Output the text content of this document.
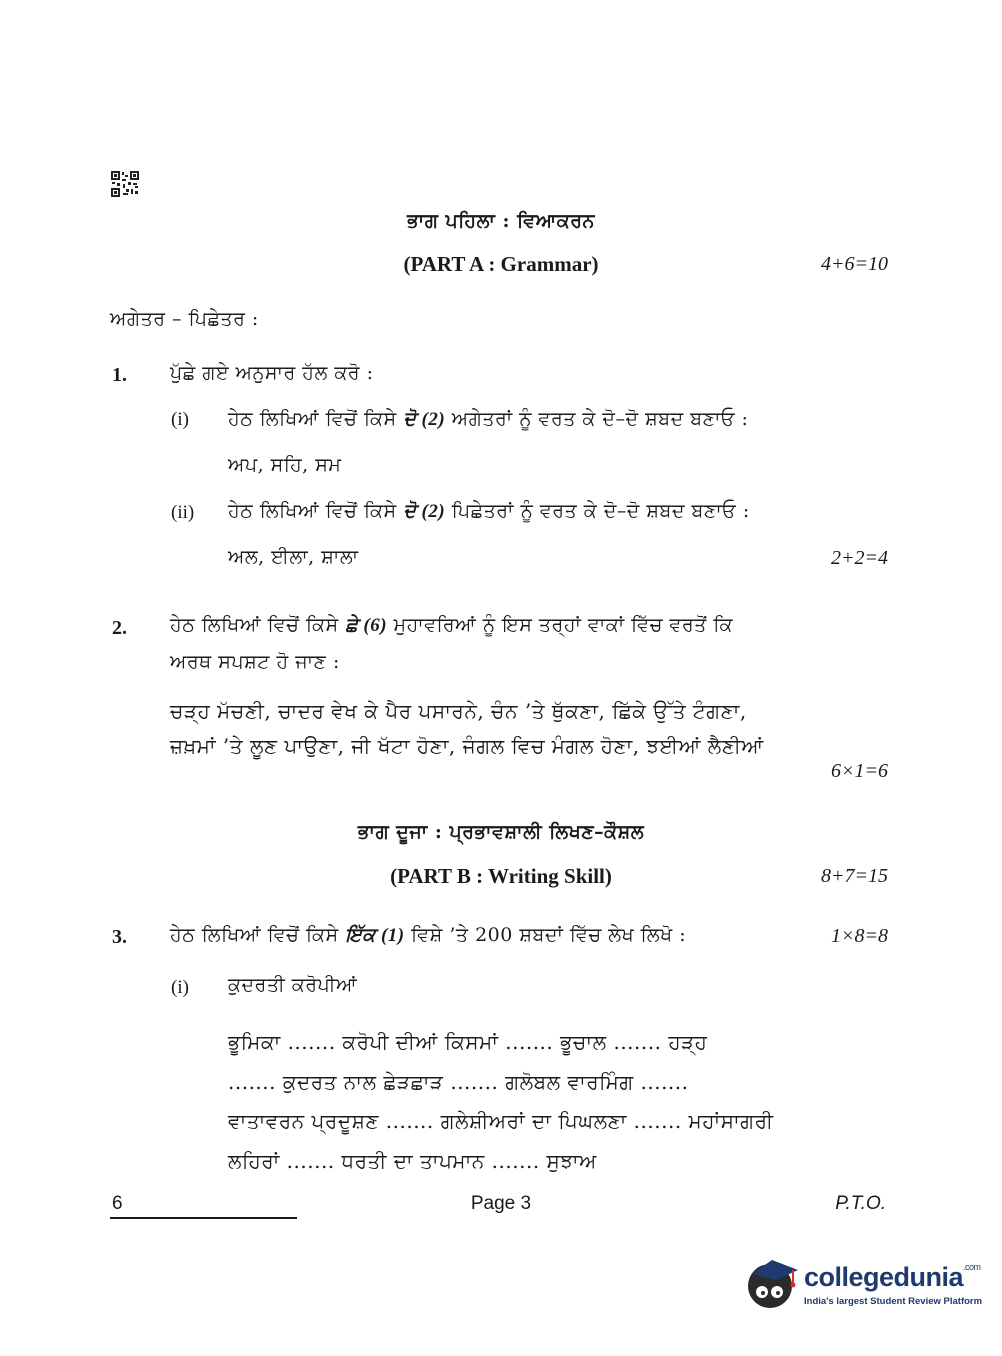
ਭਾਗ ਪਹਿਲਾ : ਵਿਆਕਰਨ
(PART A : Grammar)	4+6=10
ਅਗੇਤਰ – ਪਿਛੇਤਰ :
1. ਪੁੱਛੇ ਗਏ ਅਨੁਸਾਰ ਹੱਲ ਕਰੋ :
(i) ਹੇਠ ਲਿਖਿਆਂ ਵਿਚੋਂ ਕਿਸੇ ਦੋ (2) ਅਗੇਤਰਾਂ ਨੂੰ ਵਰਤ ਕੇ ਦੋ–ਦੋ ਸ਼ਬਦ ਬਣਾਓ :
ਅਪ, ਸਹਿ, ਸਮ
(ii) ਹੇਠ ਲਿਖਿਆਂ ਵਿਚੋਂ ਕਿਸੇ ਦੋ (2) ਪਿਛੇਤਰਾਂ ਨੂੰ ਵਰਤ ਕੇ ਦੋ–ਦੋ ਸ਼ਬਦ ਬਣਾਓ :
ਅਲ, ਈਲਾ, ਸ਼ਾਲਾ	2+2=4
2. ਹੇਠ ਲਿਖਿਆਂ ਵਿਚੋਂ ਕਿਸੇ ਛੇ (6) ਮੁਹਾਵਰਿਆਂ ਨੂੰ ਇਸ ਤਰ੍ਹਾਂ ਵਾਕਾਂ ਵਿੱਚ ਵਰਤੋਂ ਕਿ
ਅਰਥ ਸਪਸ਼ਟ ਹੋ ਜਾਣ :
ਚੜ੍ਹ ਮੱਚਣੀ, ਚਾਦਰ ਵੇਖ ਕੇ ਪੈਰ ਪਸਾਰਨੇ, ਚੰਨ ’ਤੇ ਥੁੱਕਣਾ, ਛਿੱਕੇ ਉੱਤੇ ਟੰਗਣਾ,
ਜ਼ਖ਼ਮਾਂ ’ਤੇ ਲੂਣ ਪਾਉਣਾ, ਜੀ ਖੱਟਾ ਹੋਣਾ, ਜੰਗਲ ਵਿਚ ਮੰਗਲ ਹੋਣਾ, ਝਈਆਂ ਲੈਣੀਆਂ
6×1=6
ਭਾਗ ਦੂਜਾ : ਪ੍ਰਭਾਵਸ਼ਾਲੀ ਲਿਖਣ–ਕੌਸ਼ਲ
(PART B : Writing Skill)	8+7=15
3. ਹੇਠ ਲਿਖਿਆਂ ਵਿਚੋਂ ਕਿਸੇ ਇੱਕ (1) ਵਿਸ਼ੇ ’ਤੇ 200 ਸ਼ਬਦਾਂ ਵਿੱਚ ਲੇਖ ਲਿਖੋ :	1×8=8
(i) ਕੁਦਰਤੀ ਕਰੋਪੀਆਂ
ਭੂਮਿਕਾ ....... ਕਰੋਪੀ ਦੀਆਂ ਕਿਸਮਾਂ ....... ਭੂਚਾਲ ....... ਹੜ੍ਹ
....... ਕੁਦਰਤ ਨਾਲ ਛੇੜਛਾੜ ....... ਗਲੋਬਲ ਵਾਰਮਿੰਗ .......
ਵਾਤਾਵਰਨ ਪ੍ਰਦੂਸ਼ਣ ....... ਗਲੇਸ਼ੀਅਰਾਂ ਦਾ ਪਿਘਲਣਾ ....... ਮਹਾਂਸਾਗਰੀ
ਲਹਿਰਾਂ ....... ਧਰਤੀ ਦਾ ਤਾਪਮਾਨ ....... ਸੁਝਾਅ
6	Page 3	P.T.O.
collegedunia$^{.com}$
India's largest Student Review Platform
